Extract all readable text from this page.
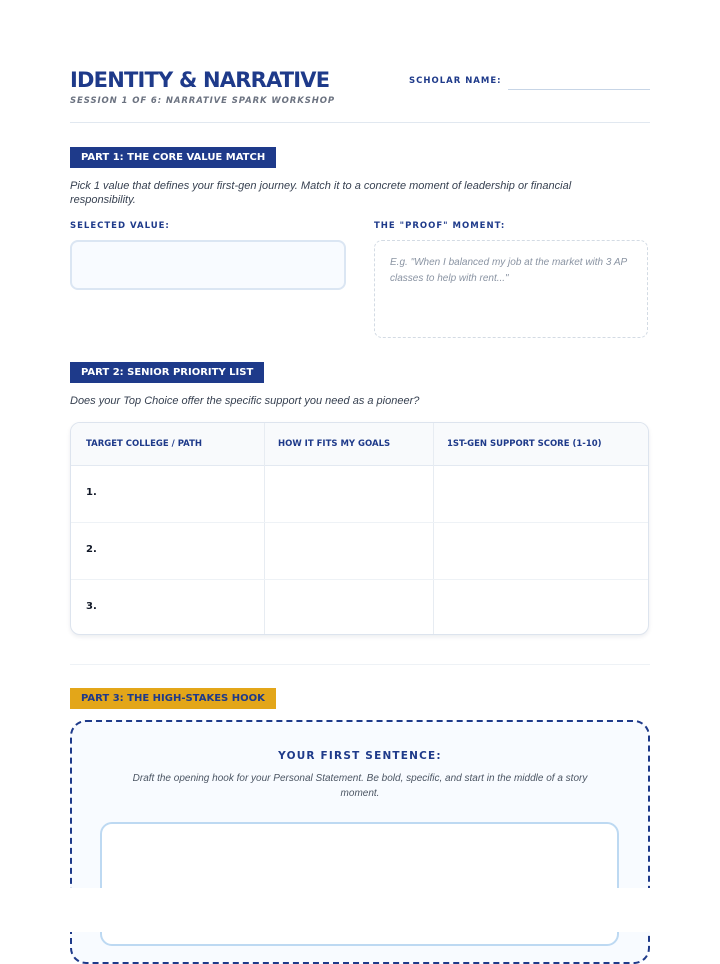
IDENTITY & NARRATIVE
SESSION 1 OF 6: NARRATIVE SPARK WORKSHOP
SCHOLAR NAME:
PART 1: THE CORE VALUE MATCH
Pick 1 value that defines your first-gen journey. Match it to a concrete moment of leadership or financial responsibility.
SELECTED VALUE:	THE "PROOF" MOMENT:
E.g. "When I balanced my job at the market with 3 AP classes to help with rent..."
PART 2: SENIOR PRIORITY LIST
Does your Top Choice offer the specific support you need as a pioneer?
TARGET COLLEGE / PATH	HOW IT FITS MY GOALS	1ST-GEN SUPPORT SCORE (1-10)
1.
2.
3.
PART 3: THE HIGH-STAKES HOOK
YOUR FIRST SENTENCE:
Draft the opening hook for your Personal Statement. Be bold, specific, and start in the middle of a story moment.
